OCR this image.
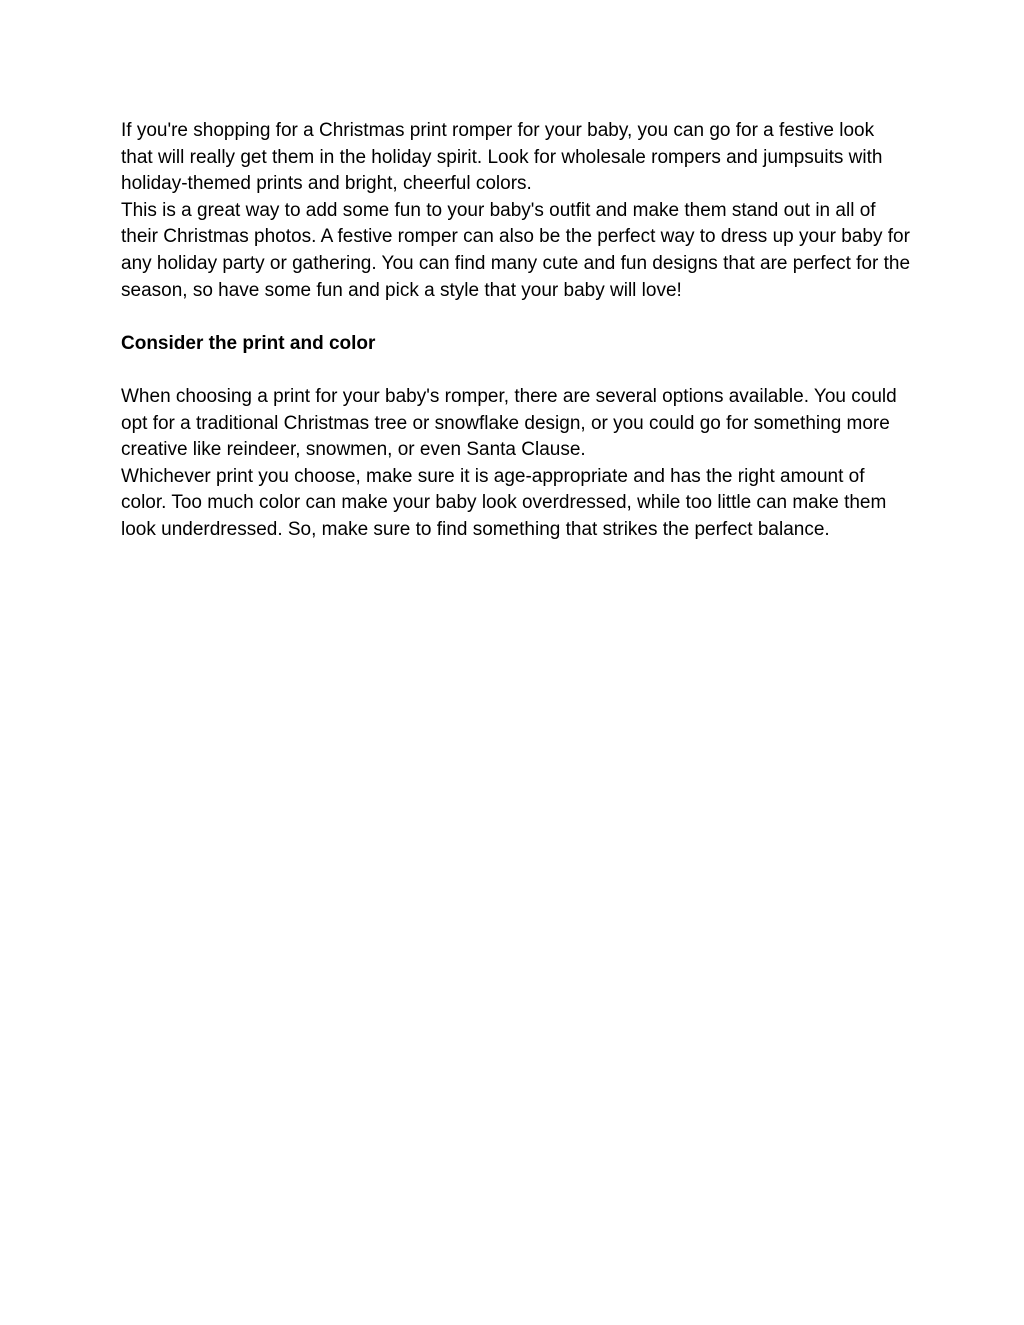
If you're shopping for a Christmas print romper for your baby, you can go for a festive look that will really get them in the holiday spirit. Look for wholesale rompers and jumpsuits with holiday-themed prints and bright, cheerful colors.

This is a great way to add some fun to your baby's outfit and make them stand out in all of their Christmas photos. A festive romper can also be the perfect way to dress up your baby for any holiday party or gathering. You can find many cute and fun designs that are perfect for the season, so have some fun and pick a style that your baby will love!

Consider the print and color

When choosing a print for your baby's romper, there are several options available. You could opt for a traditional Christmas tree or snowflake design, or you could go for something more creative like reindeer, snowmen, or even Santa Clause.

Whichever print you choose, make sure it is age-appropriate and has the right amount of color. Too much color can make your baby look overdressed, while too little can make them look underdressed. So, make sure to find something that strikes the perfect balance.
